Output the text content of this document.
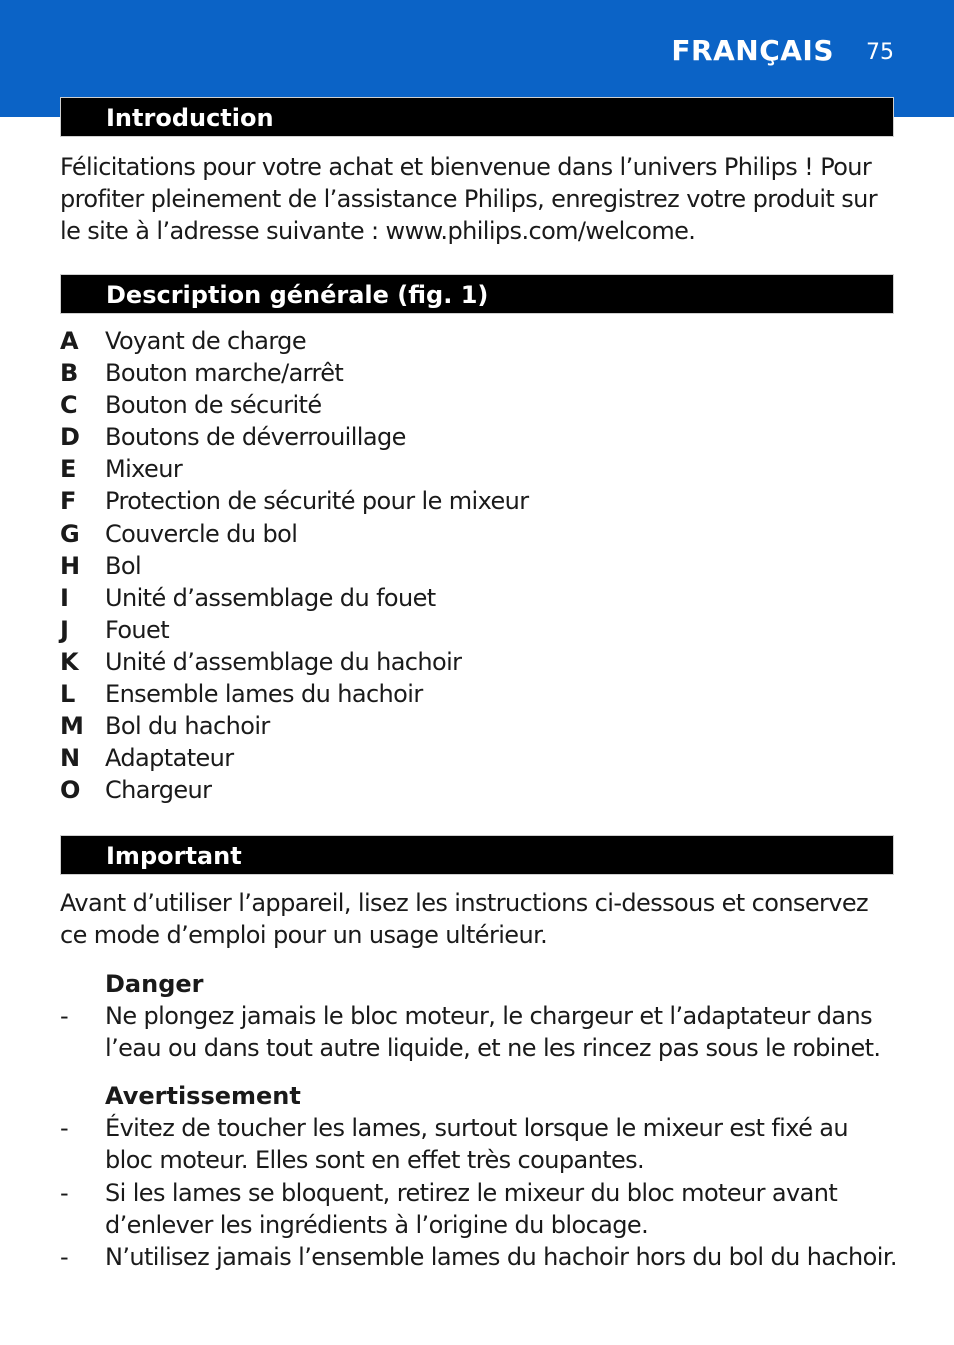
FRANÇAIS 75
Introduction
Félicitations pour votre achat et bienvenue dans l’univers Philips ! Pour profiter pleinement de l’assistance Philips, enregistrez votre produit sur le site à l’adresse suivante : www.philips.com/welcome.
Description générale (fig. 1)
A Voyant de charge
B Bouton marche/arrêt
C Bouton de sécurité
D Boutons de déverrouillage
E Mixeur
F Protection de sécurité pour le mixeur
G Couvercle du bol
H Bol
I Unité d’assemblage du fouet
J Fouet
K Unité d’assemblage du hachoir
L Ensemble lames du hachoir
M Bol du hachoir
N Adaptateur
O Chargeur
Important
Avant d’utiliser l’appareil, lisez les instructions ci-dessous et conservez ce mode d’emploi pour un usage ultérieur.
Danger
- Ne plongez jamais le bloc moteur, le chargeur et l’adaptateur dans l’eau ou dans tout autre liquide, et ne les rincez pas sous le robinet.
Avertissement
- Évitez de toucher les lames, surtout lorsque le mixeur est fixé au bloc moteur. Elles sont en effet très coupantes.
- Si les lames se bloquent, retirez le mixeur du bloc moteur avant d’enlever les ingrédients à l’origine du blocage.
- N’utilisez jamais l’ensemble lames du hachoir hors du bol du hachoir.
